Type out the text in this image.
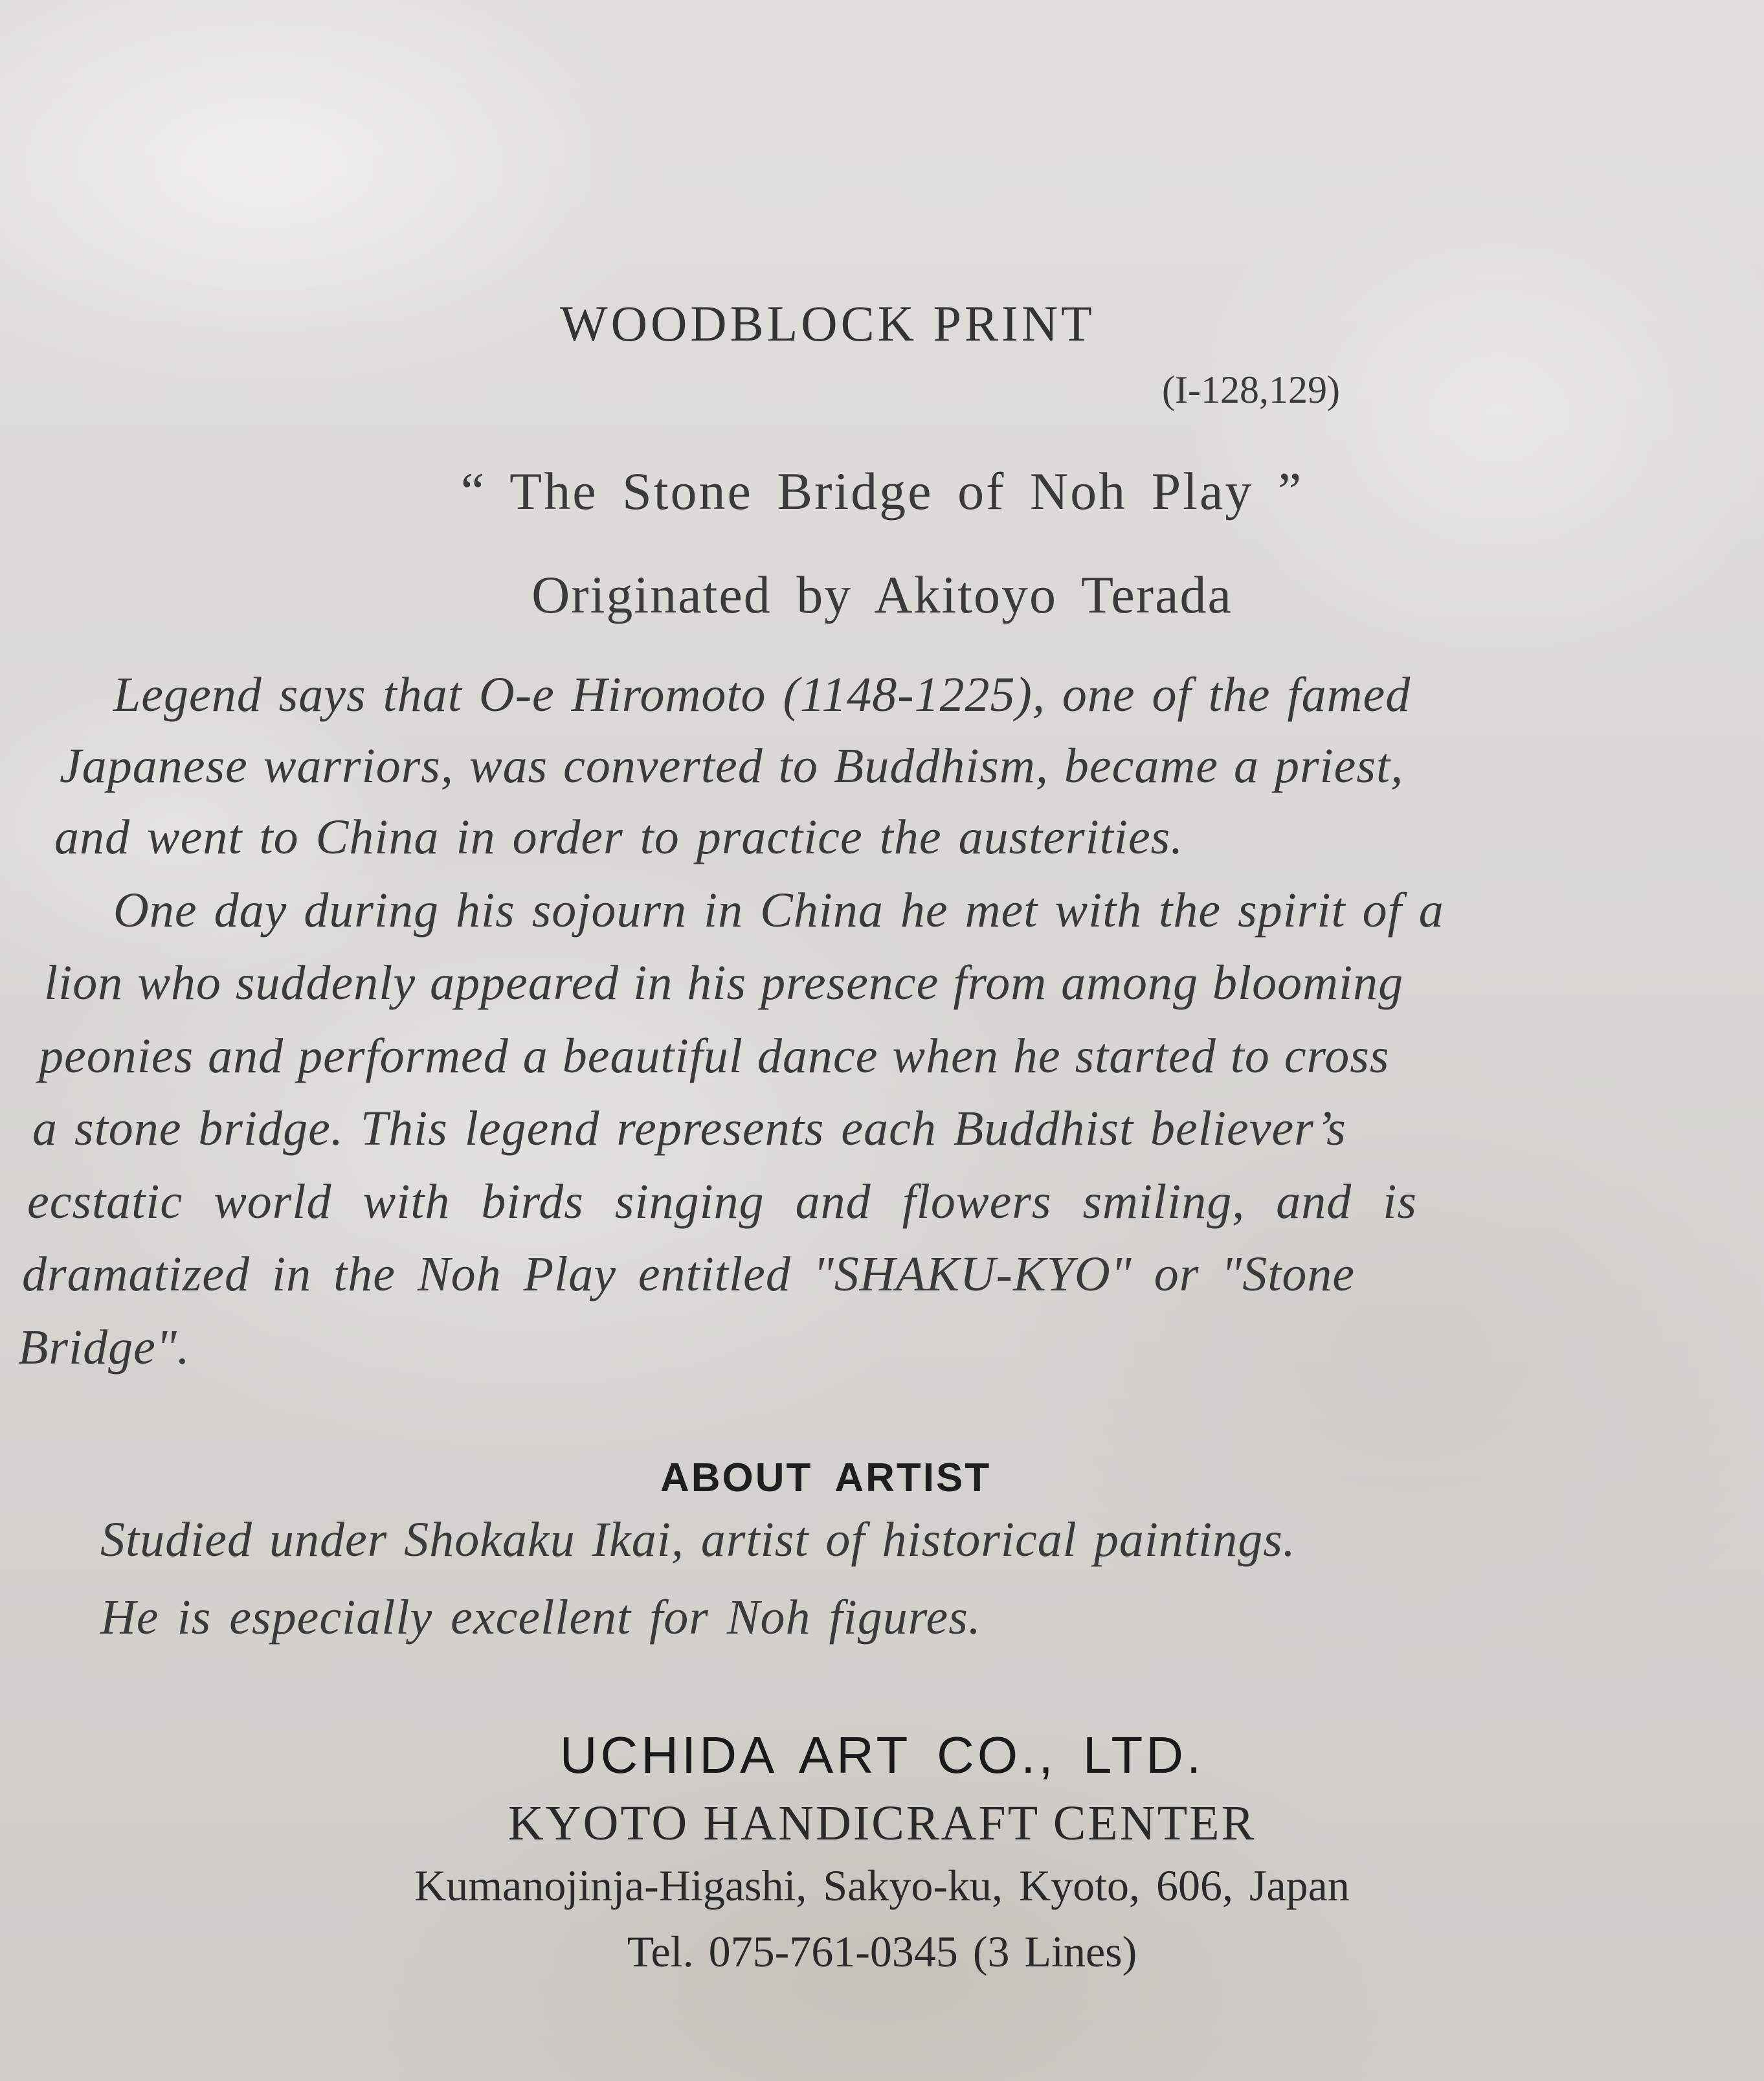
WOODBLOCK PRINT
(I-128,129)
“ The Stone Bridge of Noh Play ”
Originated by Akitoyo Terada
Legend says that O-e Hiromoto (1148-1225), one of the famed
Japanese warriors, was converted to Buddhism, became a priest,
and went to China in order to practice the austerities.
One day during his sojourn in China he met with the spirit of a
lion who suddenly appeared in his presence from among blooming
peonies and performed a beautiful dance when he started to cross
a stone bridge. This legend represents each Buddhist believer’s
ecstatic world with birds singing and flowers smiling, and is
dramatized in the Noh Play entitled "SHAKU-KYO" or "Stone
Bridge".
ABOUT ARTIST
Studied under Shokaku Ikai, artist of historical paintings.
He is especially excellent for Noh figures.
UCHIDA ART CO., LTD.
KYOTO HANDICRAFT CENTER
Kumanojinja-Higashi, Sakyo-ku, Kyoto, 606, Japan
Tel. 075-761-0345 (3 Lines)
